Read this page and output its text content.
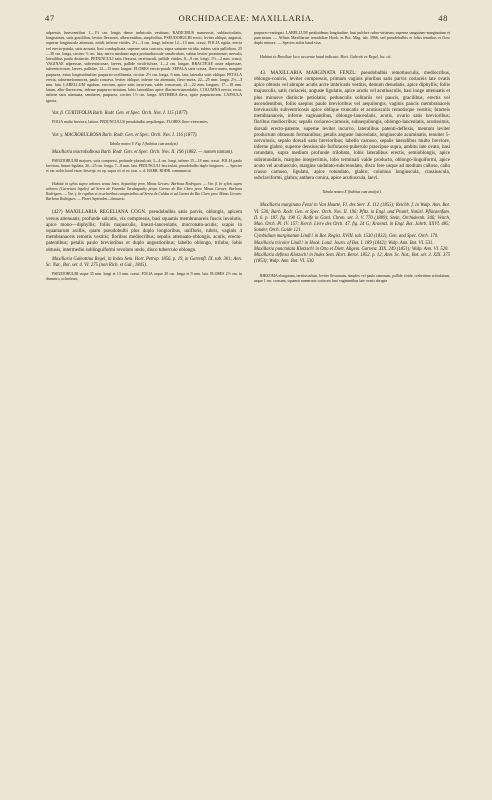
47	ORCHIDACEAE: MAXILLARIA.	48

adpressis fusescentibus 1—1½ cm. longis dense imbricatis vestitum; RADICIBUS numerosis, subfasciculatis, longissimis, satis gracilibus, leviter flexuosis, albescentibus, simplicibus. PSEUDOBULBI erecti, leviter obliqui, anguisti, superne longiuscule attenuati, nitidi, inferne virides, 2½—3 cm. longi, inferne 12—15 mm. crassi. FOLIA rigida, erecta vel erecto-patula, satis arcuata, basi conduplicata, superne satis concava, supra saturate viridia, subtus satis pallidiora, 25—30 cm. longa, circiter ⅓ cm. lata; nervo mediano supra profundiuscule canaliculato, subtus leviter prominente; nervulis lateralibus paulo distinctis. PEDUNCULI satis flexuosi, teretiusculi, pallide virides, 8—9 cm. longi, 1½—2 mm. crassi; VAGINAE adpressae, subventricosae, laeves, pallide viridi-fulvae, 1—2 cm. longae. BRACTEAE acute adpressae, subventricosae, laeves, pallidae, 12—15 mm. longae. FLORES erecto-patuli. SEPALA satis crassa, flavo-aurea, margine purpurea, extus longitudinaliter purpureo-ocellineata, circiter 2½ cm. longa, 6 mm. lata; lateralia satis obliqua. PETALA erecta, subsemelomnocea, paulo concava, leviter oblique, inferne via attenuata, flavo-aurea, 22—25 mm. longa, 2½—3 mm. lata. LABELLUM rigidum, erectum, apice satis incurvum, valde concavum, 21—22 mm. longum, 17—18 mm. latum, albo-flavescens, inferne purpureo-striatum, lobis lateralibus apice illacino-triancudaliis. COLUMNA erecta, recta, inferne satis attenuata, semiteres, purpurea, circiter 1½ cm. longa. ANTHERA flava, apice purpurascens. CAPSULA ignota.

Var. β. CURTIFOLIA Barb. Rodr. Gen. et Spec. Orch. Nov. I. 115 (1877).

FOLIA multo breviora, latiora. PEDUNCULUS pseudobulbo aequilongus. FLORES flavo-virescentes.

Var. γ. MACROBULBOSA Barb. Rodr. Gen. et Spec. Orch. Nov. I. 116 (1877).

Tabula nostra V. Fig. I (habitus cum analysi).

Maxillaria macrobulbosa Barb. Rodr. Gen. et Spec. Orch. Nov. II. 196 (1882. — nomen tantum).

PSEUDOBULBI majores, satis compressi, profunde plurisulcati, 3—4 cm. longi, inferne 15—18 mm. crassi. FOLIA paulo breviora, lineari-ligulata, 20—25 cm. longa, 7—8 mm. lata. PEDUNCULI fasciculati, pseudobulbo duplo longiores. — Species et var. nobis haud visae; descript. ex op. supra cit. et ex icon. s. cl. BARB. RODR. communicat.

Habitat in sylvis supra arbores sensu Imos. Sepaeolay prov. Minas Geraes: Barbosa Rodrigues. — Var. β. In sylvis supra arbores (Caeretani legalis) ad Serra de Fazenda Tarubaguahy prope Carmo do Rio Claro prov. Minas Geraes: Barbosa Rodrigues. — Var. γ. In rupibus et in arboribus campestribus ad Serra de Caldas et ad Carmo do Rio Claro prov. Minas Geraes: Barbosa Rodrigues. — Floret Septembri—Januario.

(42?) MAXILLARIA REGELIANA COGN. pseudobulbis satis parvis, oblongis, apicem versus attenuatis, profunde sulcatis, vix compressis, basi squamis membranaceis fuscis involutis, apice mono—diphyllis; foliis majusculis, lineari-lanceolatis, mucronato-acutis; scapis in squamarum axillis, quam pseudobulbi plus duplo longioribus, unifloris, rubris, vaginis 4 membranaceis remotis vestitis; floribus mediocribus; sepalis attenuato-oblongis, acutis, erecto-patentibus; petalis paulo brevioribus et duplo angustioribus; labello oblongo, trilobo, lobis obtusis, intermedio sublinguiformi revoluto undo, disco tuberculo oblongo.

Maxillaria Galeottina Regel, in Index Sem. Hort. Petrop. 1856. p. 19, in Gartenfl. IX. tab. 301; Ann. Sc. Nat., Bot. ser. 4. VI. 275 (non Rich. et Gal., 1845).

PSEUDOBULBI usque 35 mm. longi et 13 mm. crassi. FOLIA usque 30 cm. longa et 9 mm. lata. FLORES 2½ cm. in diametro, ochroleuci,

purpureo-variegati. LABELLUM petaloideum longitudine, basi pulchre rubro-striatum, superne sanguineo-marginatum et punctatum. — Affinis Maxillariae tenuifoliae Hook. in Bot. Mag. tab. 3966, sed pseudobulbis et foliis tenuibus et floro duplo minore. — Species nobis haud visa.

Habitat in Brasiliae loco accurate haud indicato: Hort. Galeotti ex Regel, loc. cit.

43. MAXILLARIA MARGINATA FENZL: pseudobulbis remotiusculis, mediocribus, oblongo-conicis, leviter compressis, primum vaginis pluribus satis parvis coriaceis late ovatis apice obtusis vel abrupte acutis arcte imbricatis vestitis, demum denudatis, apice diphyllis; foliis majusculis, satis coriaceis, anguste ligulatis, apice acutis vel acutiusculis, basi longe attenuatis et plus minusve distincte petiolatis; pedunculis solitariis vel paucis, gracilibus, erectis vel ascendentibus, foliis saepius paulo brevioribus vel aequilongis, vaginis paucis membranaceis breviusculis subventricosis apice oblique truncatis et acutiusculis remotisque vestitis; bracteis membranaceis, inferne vaginantibus, oblongo-lanceolatis, acutis, ovario satis brevioribus; floribus mediocribus; sepalis coriaceo-carnosis, subaequilongis, oblongo-lanceolatis, acutissimis, dorsali erecto-patente, superne leviter incurvo, lateralibus patenti-deflexis, mentum leviter productum obtusum formantibus; petalis anguste lanceolatis, longiuscule acuminatis, tenuiter 5-nervulosis, sepalo dorsali satis brevioribus; labello carnoso, sepalis lateralibus multo breviore, inferne glabro, superne densiuscule furfuraceo-puberulo praecipue supra, ambitu late ovato, basi rotundato, supra medium profunde trilobato, lobis lateralibus erectis, semioblongis, apice subrotundatis, margine integerrimis, lobo terminali valde producto, oblongo-linguiformi, apice acuto vel acutiusculo, margine undulato-subcrenulato, disco fere usque ad medium calloso, callo crasso carnoso, ligulato, apice rotundato, glabro; columna longiuscula, crassiuscula, subclaviformi, glabra; anthera conica, apice acutiuscula, laevi.

Tabula nostra X (habitus cum analysi).

Maxillaria marginata Fenzl in Van Houtte, Fl. des Serr. X. 112 (1855); Reichb. f. in Walp. Ann. Bot. VI. 530; Barb. Rodr. Gen. et Spec. Orch. Nov. II. 196; Pfitz. in Engl. und Prantl, Natürl. Pflanzenfam. II. 6. p. 187. fig. 190 G; Rolfe in Gard. Chron. ser. 3. V. 770 (1889); Stein, Orchideenb. 346; Veitch, Man. Orch. Pl. IV. 157; Kerch. Livre des Orch. 47. fig. 24 G; Kraenzl. in Engl. Bot. Jahrb. XXVI. 485; Sander, Orch. Guide 121.
Cymbidium marginatum Lindl.! in Bot. Regist. XVIII. tab. 1530 (1832), Gen. and Spec. Orch. 170.
Maxillaria tricolor Lindl.! in Hook. Lond. Journ. of Bot. I. 189 (1842); Walp. Ann. Bot. VI. 531.
Maxillaria punctulata Klotzsch! in Otto et Dietr. Allgem. Gartenz. XIX. 249 (1851); Walp. Ann. VI. 520.
Maxillaria deflexa Klotzsch! in Index Sem. Hort. Berol. 1852. p. 12; Ann. Sc. Nat., Bot. sér. 3. XIX. 375 (1853); Walp. Ann. Bot. VI. 530.

RHIZOMA elongatum, teretiusculum, leviter flexuosum, simplex vel paulo ramosum, pallide viride, crebertime articulatum, usque 1 cm. crassum, squamis numerosis coriaceis basi vaginantibus late ovatis abrupte
